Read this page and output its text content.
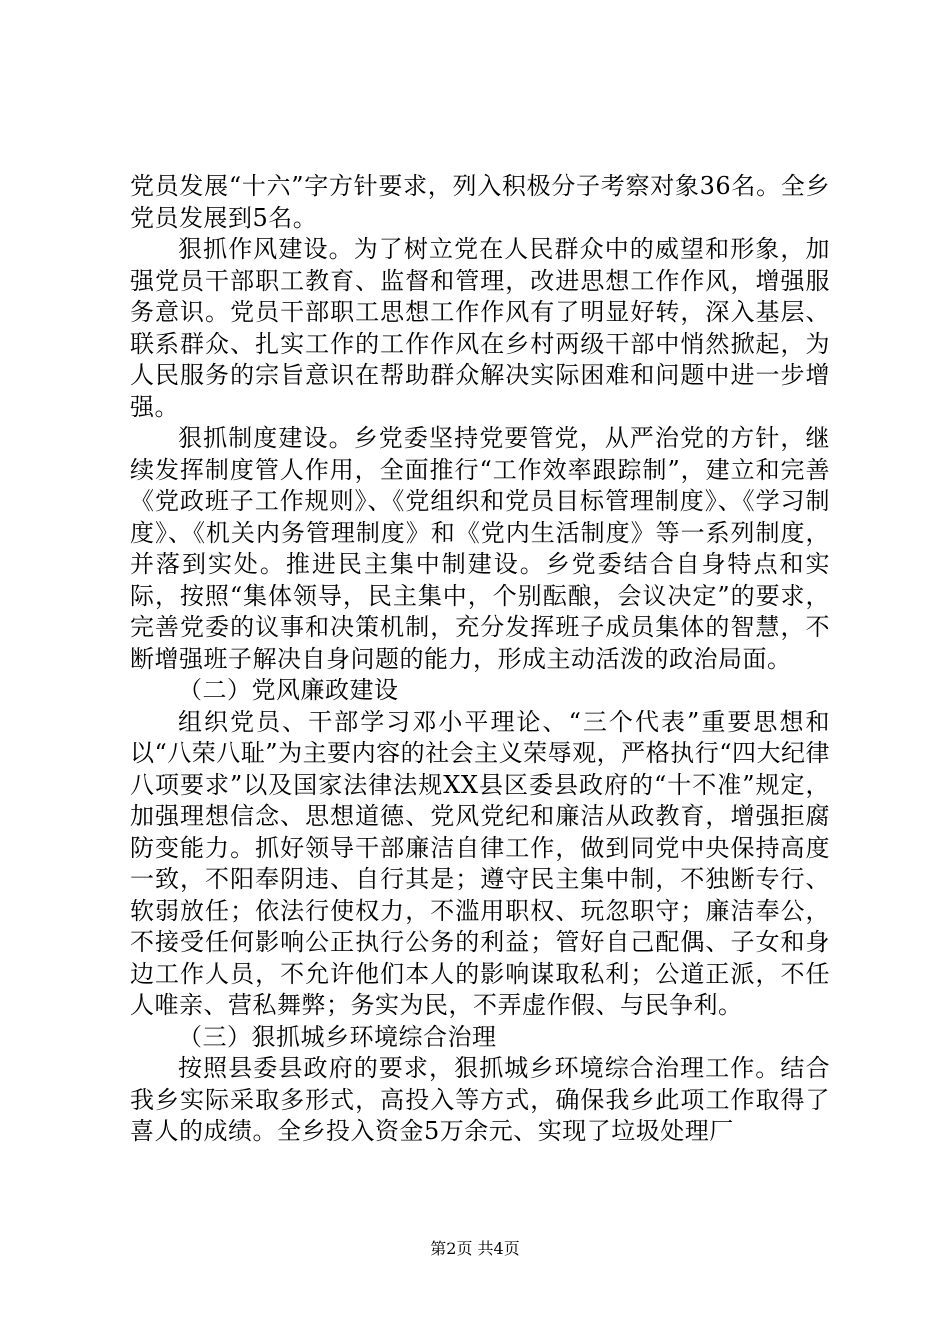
党员发展“十六”字方针要求，列入积极分子考察对象36名。全乡党员发展到5名。

狠抓作风建设。为了树立党在人民群众中的威望和形象，加强党员干部职工教育、监督和管理，改进思想工作作风，增强服务意识。党员干部职工思想工作作风有了明显好转，深入基层、联系群众、扎实工作的工作作风在乡村两级干部中悄然掀起，为人民服务的宗旨意识在帮助群众解决实际困难和问题中进一步增强。

狠抓制度建设。乡党委坚持党要管党，从严治党的方针，继续发挥制度管人作用，全面推行“工作效率跟踪制”，建立和完善《党政班子工作规则》、《党组织和党员目标管理制度》、《学习制度》、《机关内务管理制度》和《党内生活制度》等一系列制度，并落到实处。推进民主集中制建设。乡党委结合自身特点和实际，按照“集体领导，民主集中，个别酝酿，会议决定”的要求，完善党委的议事和决策机制，充分发挥班子成员集体的智慧，不断增强班子解决自身问题的能力，形成主动活泼的政治局面。

（二）党风廉政建设

组织党员、干部学习邓小平理论、“三个代表”重要思想和以“八荣八耻”为主要内容的社会主义荣辱观，严格执行“四大纪律八项要求”以及国家法律法规XX县区委县政府的“十不准”规定，加强理想信念、思想道德、党风党纪和廉洁从政教育，增强拒腐防变能力。抓好领导干部廉洁自律工作，做到同党中央保持高度一致，不阳奉阴违、自行其是；遵守民主集中制，不独断专行、软弱放任；依法行使权力，不滥用职权、玩忽职守；廉洁奉公，不接受任何影响公正执行公务的利益；管好自己配偶、子女和身边工作人员，不允许他们本人的影响谋取私利；公道正派，不任人唯亲、营私舞弊；务实为民，不弄虚作假、与民争利。

（三）狠抓城乡环境综合治理

按照县委县政府的要求，狠抓城乡环境综合治理工作。结合我乡实际采取多形式，高投入等方式，确保我乡此项工作取得了喜人的成绩。全乡投入资金5万余元、实现了垃圾处理厂

第2页 共4页
